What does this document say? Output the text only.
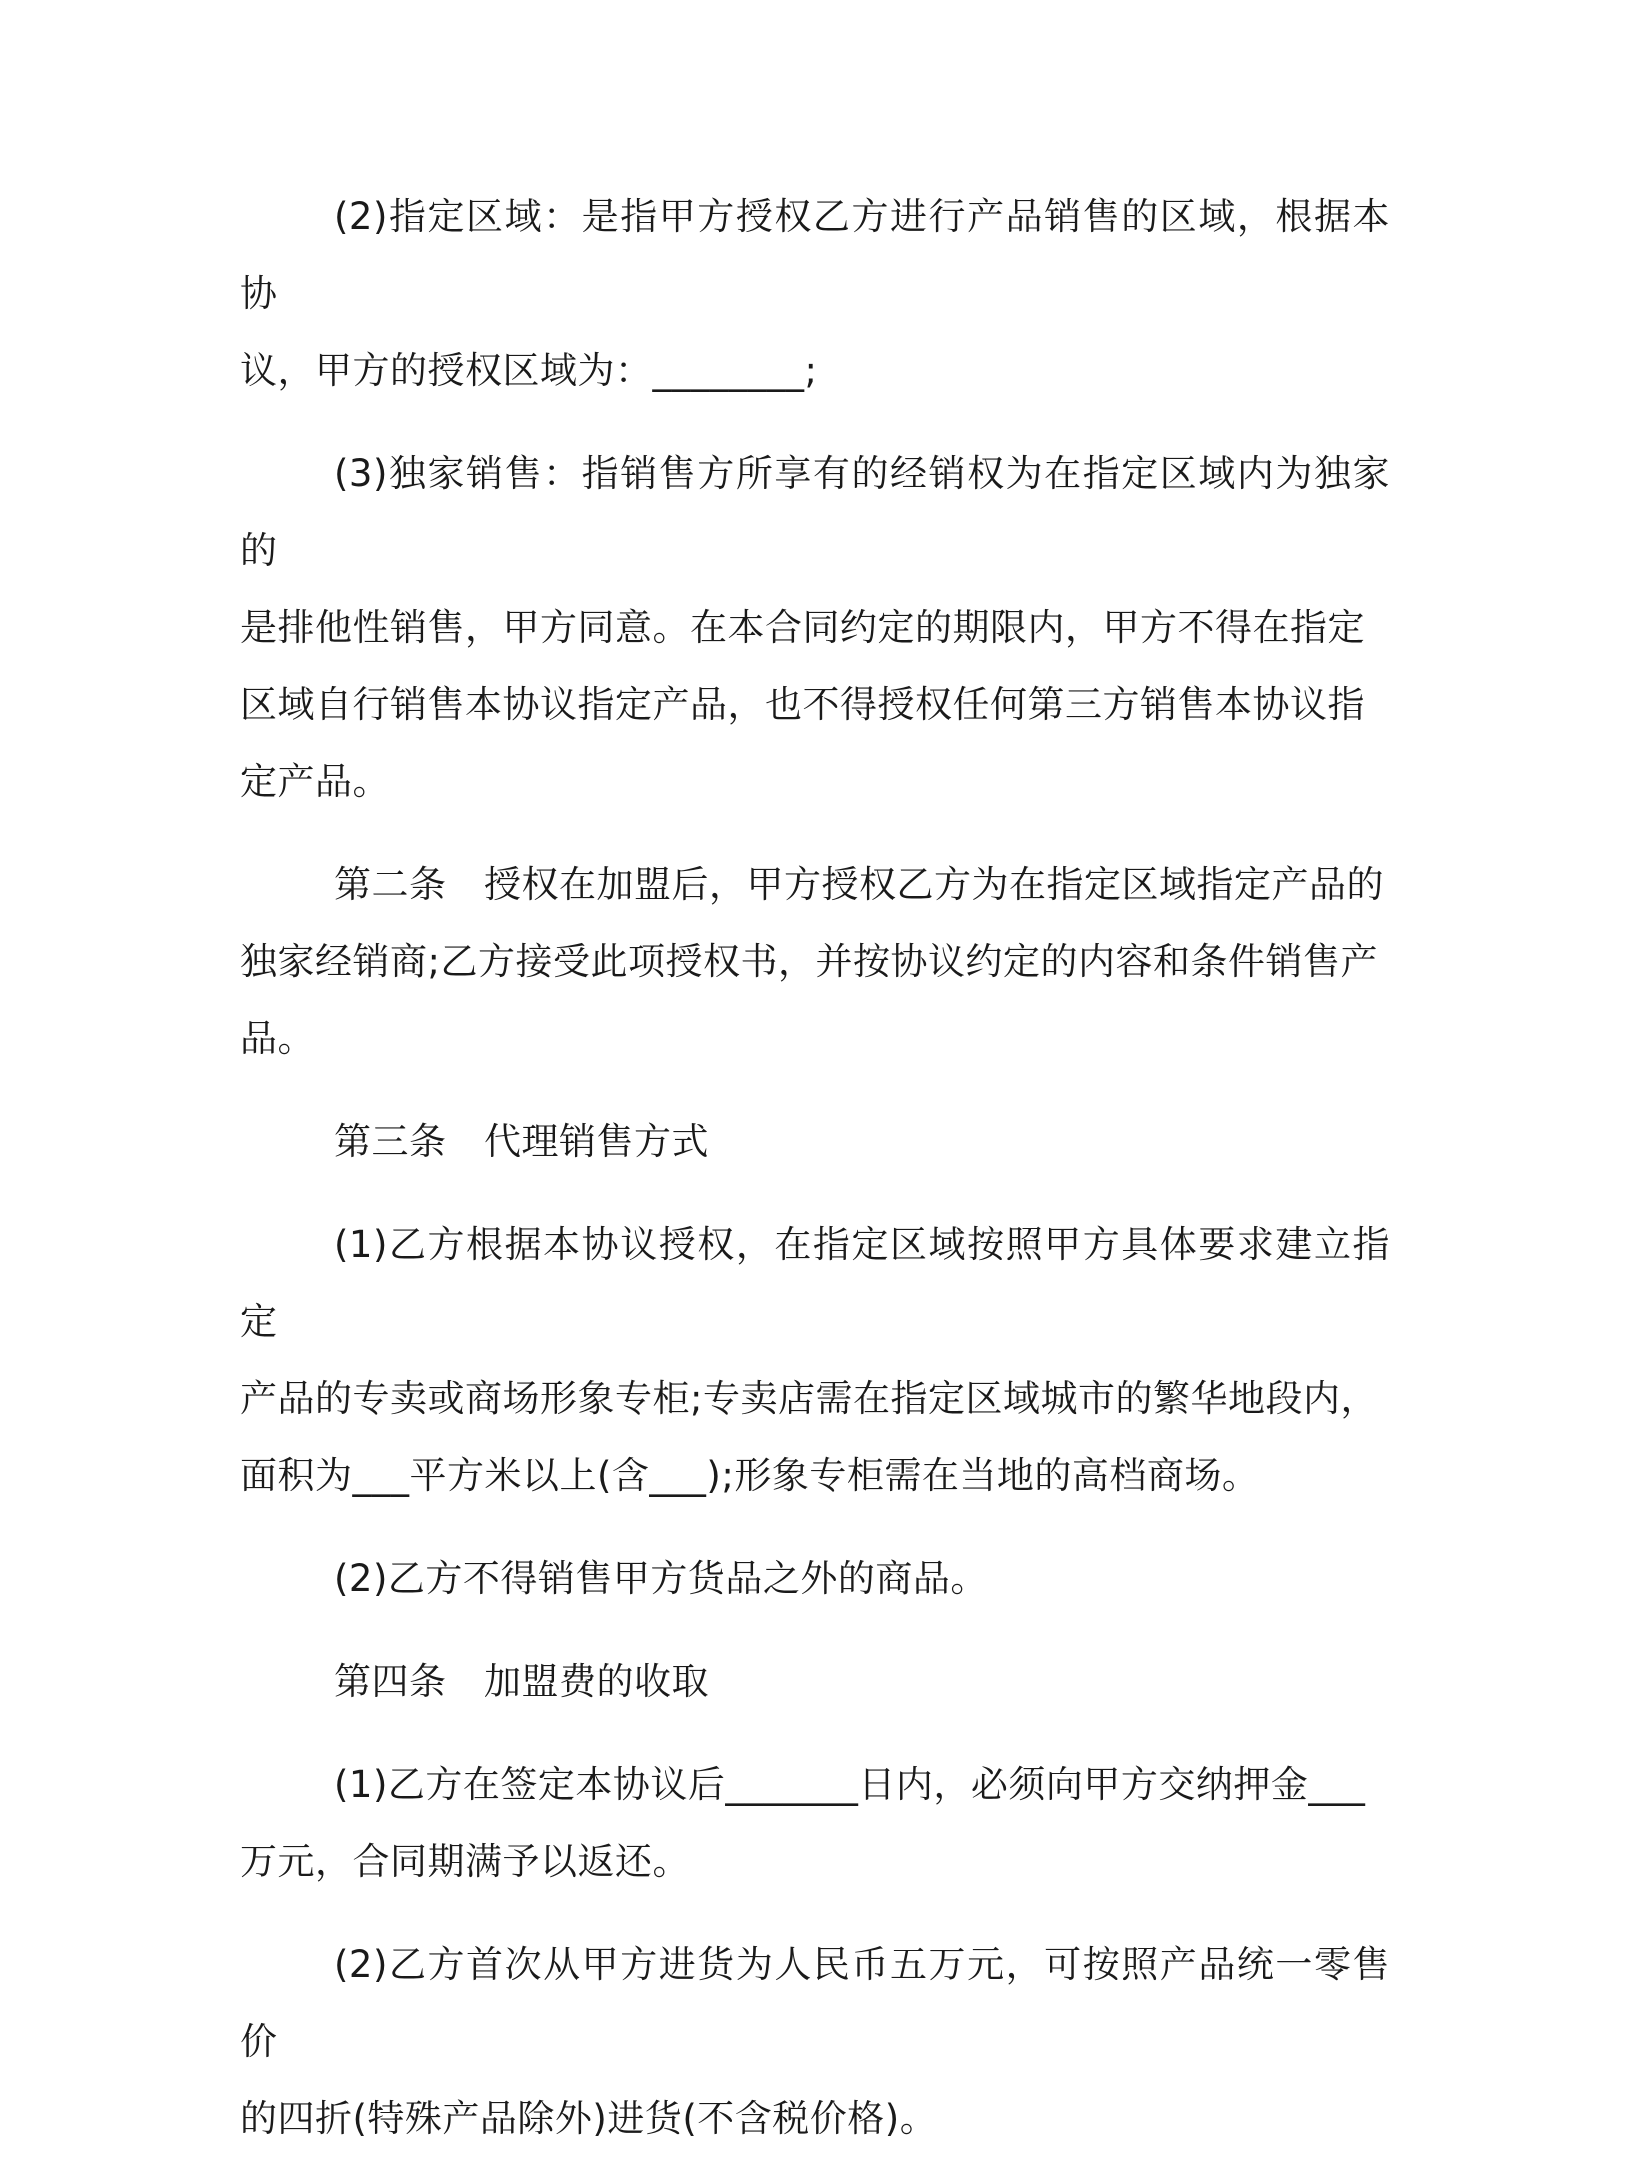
(2)指定区域：是指甲方授权乙方进行产品销售的区域，根据本协
议，甲方的授权区域为：________;

(3)独家销售：指销售方所享有的经销权为在指定区域内为独家的
是排他性销售，甲方同意。在本合同约定的期限内，甲方不得在指定
区域自行销售本协议指定产品，也不得授权任何第三方销售本协议指
定产品。

第二条　授权在加盟后，甲方授权乙方为在指定区域指定产品的
独家经销商;乙方接受此项授权书，并按协议约定的内容和条件销售产
品。

第三条　代理销售方式

(1)乙方根据本协议授权，在指定区域按照甲方具体要求建立指定
产品的专卖或商场形象专柜;专卖店需在指定区域城市的繁华地段内，
面积为___平方米以上(含___);形象专柜需在当地的高档商场。

(2)乙方不得销售甲方货品之外的商品。

第四条　加盟费的收取

(1)乙方在签定本协议后_______日内，必须向甲方交纳押金___
万元，合同期满予以返还。

(2)乙方首次从甲方进货为人民币五万元，可按照产品统一零售价
的四折(特殊产品除外)进货(不含税价格)。
